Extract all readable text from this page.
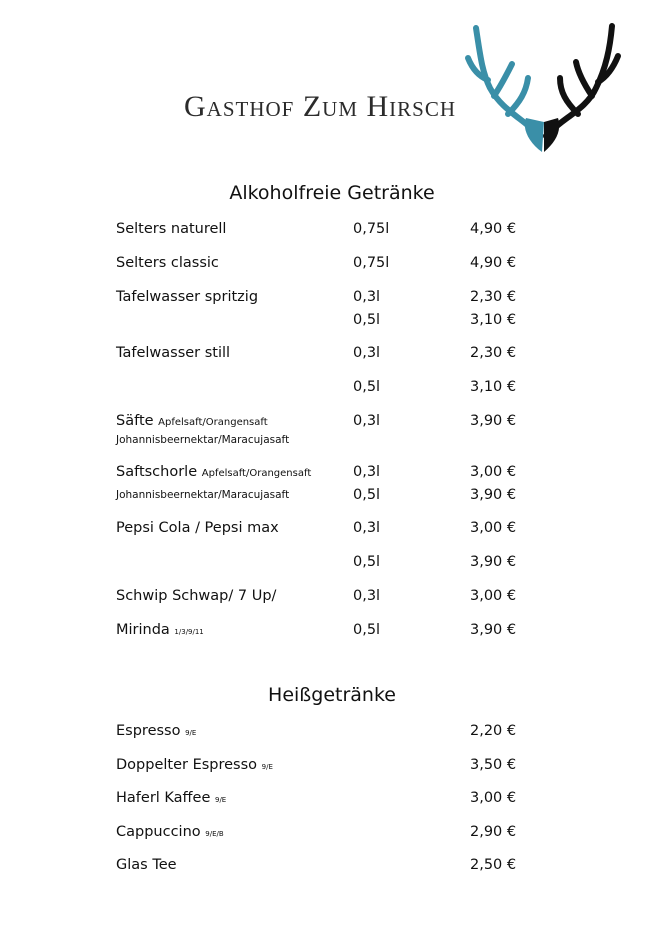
Gasthof Zum Hirsch
Alkoholfreie Getränke
Selters naturell	0,75l	4,90 €
Selters classic	0,75l	4,90 €
Tafelwasser spritzig	0,3l	2,30 €
0,5l	3,10 €
Tafelwasser still	0,3l	2,30 €
0,5l	3,10 €
Säfte Apfelsaft/Orangensaft	0,3l	3,90 €
Johannisbeernektar/Maracujasaft
Saftschorle Apfelsaft/Orangensaft	0,3l	3,00 €
Johannisbeernektar/Maracujasaft	0,5l	3,90 €
Pepsi Cola / Pepsi max	0,3l	3,00 €
0,5l	3,90 €
Schwip Schwap/ 7 Up/	0,3l	3,00 €
Mirinda 1/3/9/11	0,5l	3,90 €
Heißgetränke
Espresso 9/E	2,20 €
Doppelter Espresso 9/E	3,50 €
Haferl Kaffee 9/E	3,00 €
Cappuccino 9/E/B	2,90 €
Glas Tee	2,50 €
